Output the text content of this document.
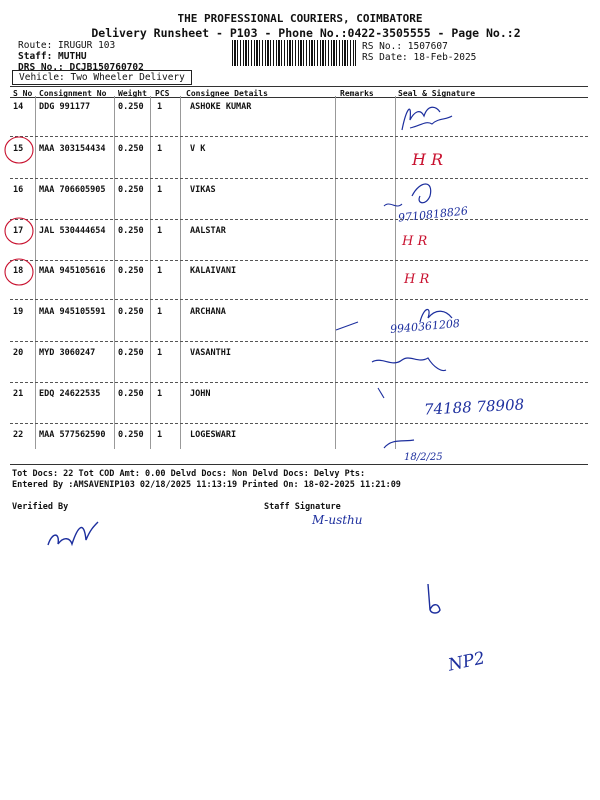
THE PROFESSIONAL COURIERS, COIMBATORE
Delivery Runsheet - P103 - Phone No.:0422-3505555 - Page No.:2
Route: IRUGUR 103
Staff: MUTHU
DRS No.: DCJB150760702
RS No.: 1507607
RS Date: 18-Feb-2025
Vehicle: Two Wheeler Delivery
S No Consignment No Weight PCS Consignee Details	Remarks	Seal & Signature
14 DDG 991177	0.250 1	ASHOKE KUMAR
15 MAA 303154434 0.250 1	V K
16 MAA 706605905 0.250 1	VIKAS
17 JAL 530444654 0.250 1	AALSTAR
18 MAA 945105616 0.250 1	KALAIVANI
19 MAA 945105591 0.250 1	ARCHANA
20 MYD 3060247	0.250 1	VASANTHI
21 EDQ 24622535 0.250 1	JOHN
22 MAA 577562590 0.250 1	LOGESWARI
Tot Docs: 22 Tot COD Amt: 0.00 Delvd Docs: Non Delvd Docs: Delvy Pts:
Entered By :AMSAVENIP103 02/18/2025 11:13:19 Printed On: 18-02-2025 11:21:09
Verified By	Staff Signature
H R
9710818826
H R
H R
9940361208
74188 78908
18/2/25
M-usthu
NP2
